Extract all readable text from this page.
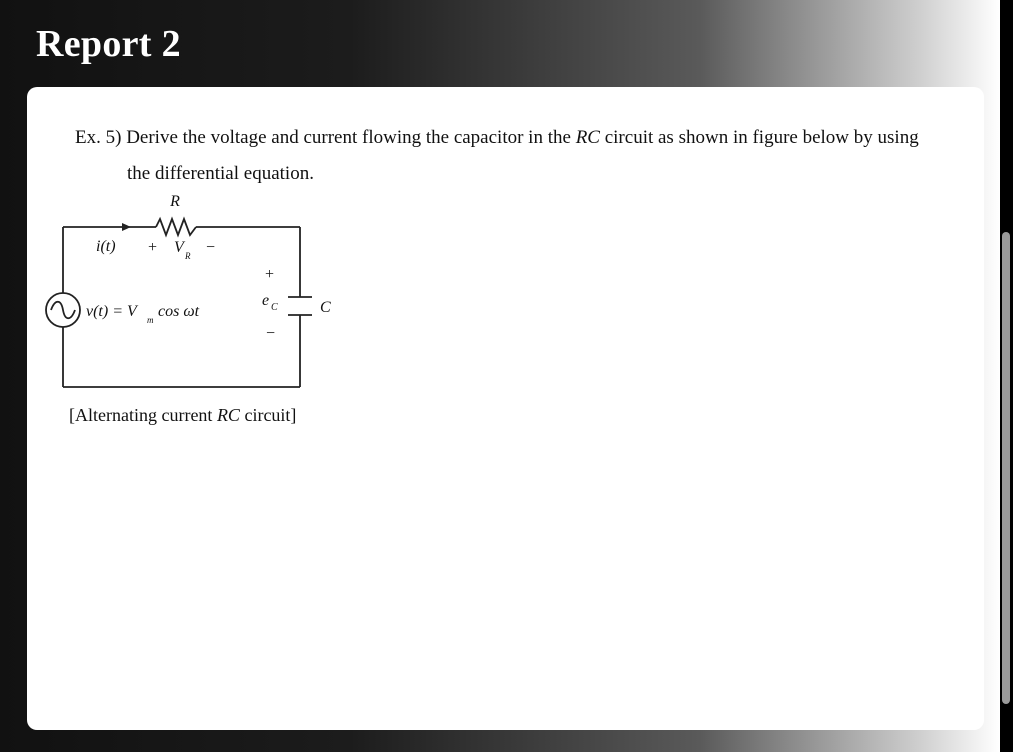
Report 2
Ex. 5) Derive the voltage and current flowing the capacitor in the RC circuit as shown in figure below by using
the differential equation.
R
i(t) + V R −
v(t) = V m cos ωt
+
e C
−
C
[Alternating current RC circuit]
